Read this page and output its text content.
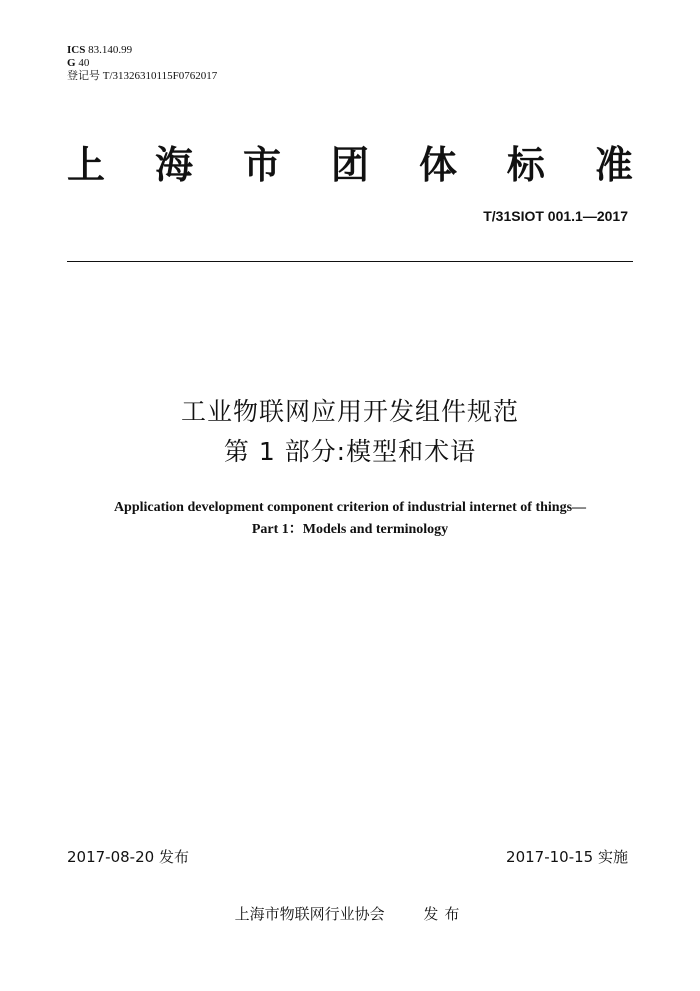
ICS 83.140.99
G 40
登记号 T/31326310115F0762017
上 海 市 团 体 标 准
T/31SIOT 001.1—2017
工业物联网应用开发组件规范
第 1 部分:模型和术语
Application development component criterion of industrial internet of things—
Part 1：Models and terminology
2017-08-20 发布	2017-10-15 实施
上海市物联网行业协会	发布
